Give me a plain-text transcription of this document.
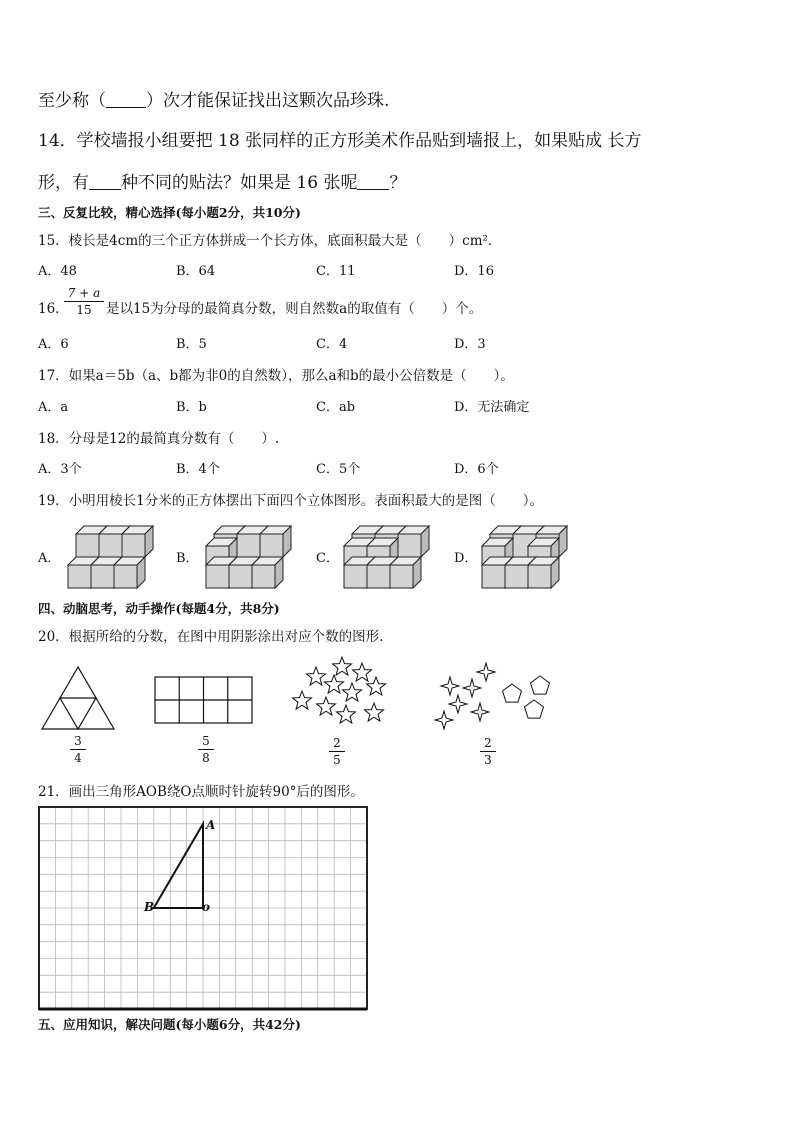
至少称（ ）次才能保证找出这颗次品珍珠.
14．学校墙报小组要把 18 张同样的正方形美术作品贴到墙报上，如果贴成 长方
形，有 种不同的贴法？如果是 16 张呢 ？
三、反复比较，精心选择(每小题2分，共10分)
15．棱长是4cm的三个正方体拼成一个长方体，底面积最大是（　　）cm²．
A．48	B．64	C．11	D．16
16．
7 + a
15	是以15为分母的最简真分数，则自然数a的取值有（　　）个。
A．6	B．5	C．4	D．3
17．如果a＝5b（a、b都为非0的自然数），那么a和b的最小公倍数是（　　）。
A．a	B．b	C．ab	D．无法确定
18．分母是12的最简真分数有（　　）.
A．3个	B．4个	C．5个	D．6个
19．小明用棱长1分米的正方体摆出下面四个立体图形。表面积最大的是图（　　）。
A．	B．	C．	D．
四、动脑思考，动手操作(每题4分，共8分)
20．根据所给的分数，在图中用阴影涂出对应个数的图形.
3
4
5
8
2
5
2
3
21．画出三角形AOB绕O点顺时针旋转90°后的图形。
A
B	o
五、应用知识，解决问题(每小题6分，共42分)
